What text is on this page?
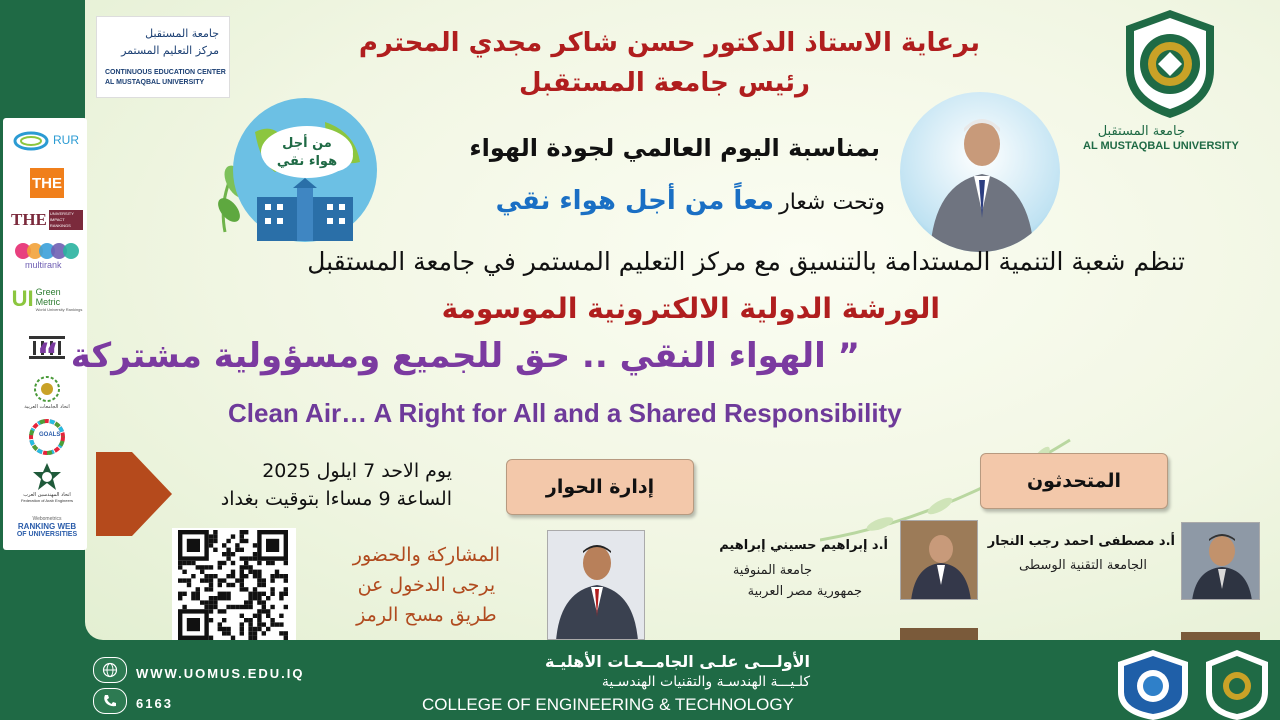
RUR
THE
THE UNIVERSITY IMPACT RANKINGS
multirank
UI Green Metric
World University Rankings
اتحاد الجامعات العربية
GOALS
اتحاد المهندسين العرب
Federation of Arab Engineers
Webometrics
RANKING WEB
OF UNIVERSITIES
جامعة المستقبل
مركز التعليم المستمر
CONTINUOUS EDUCATION CENTER
AL MUSTAQBAL UNIVERSITY
2010
جامعة المستقبل
AL MUSTAQBAL UNIVERSITY
برعاية الاستاذ الدكتور حسن شاكر مجدي المحترم
رئيس جامعة المستقبل
من أجل
هواء نقي	بمناسبة اليوم العالمي لجودة الهواء
وتحت شعار معاً من أجل هواء نقي
تنظم شعبة التنمية المستدامة بالتنسيق مع مركز التعليم المستمر في جامعة المستقبل
الورشة الدولية الالكترونية الموسومة
” الهواء النقي .. حق للجميع ومسؤولية مشتركة “
Clean Air… A Right for All and a Shared Responsibility
يوم الاحد 7 ايلول 2025
الساعة 9 مساءا بتوقيت بغداد
المشاركة والحضور
يرجى الدخول عن
طريق مسح الرمز
إدارة الحوار	المتحدثون
أ.د إبراهيم حسيني إبراهيم
جامعة المنوفية
جمهورية مصر العربية
أ.د مصطفى احمد رجب النجار
الجامعة التقنية الوسطى
WWW.UOMUS.EDU.IQ
6163
الأولـــى علـى الجامــعـات الأهليـة
كلـيـــة الهندسـة والتقنيات الهندسـية
COLLEGE OF ENGINEERING & TECHNOLOGY
